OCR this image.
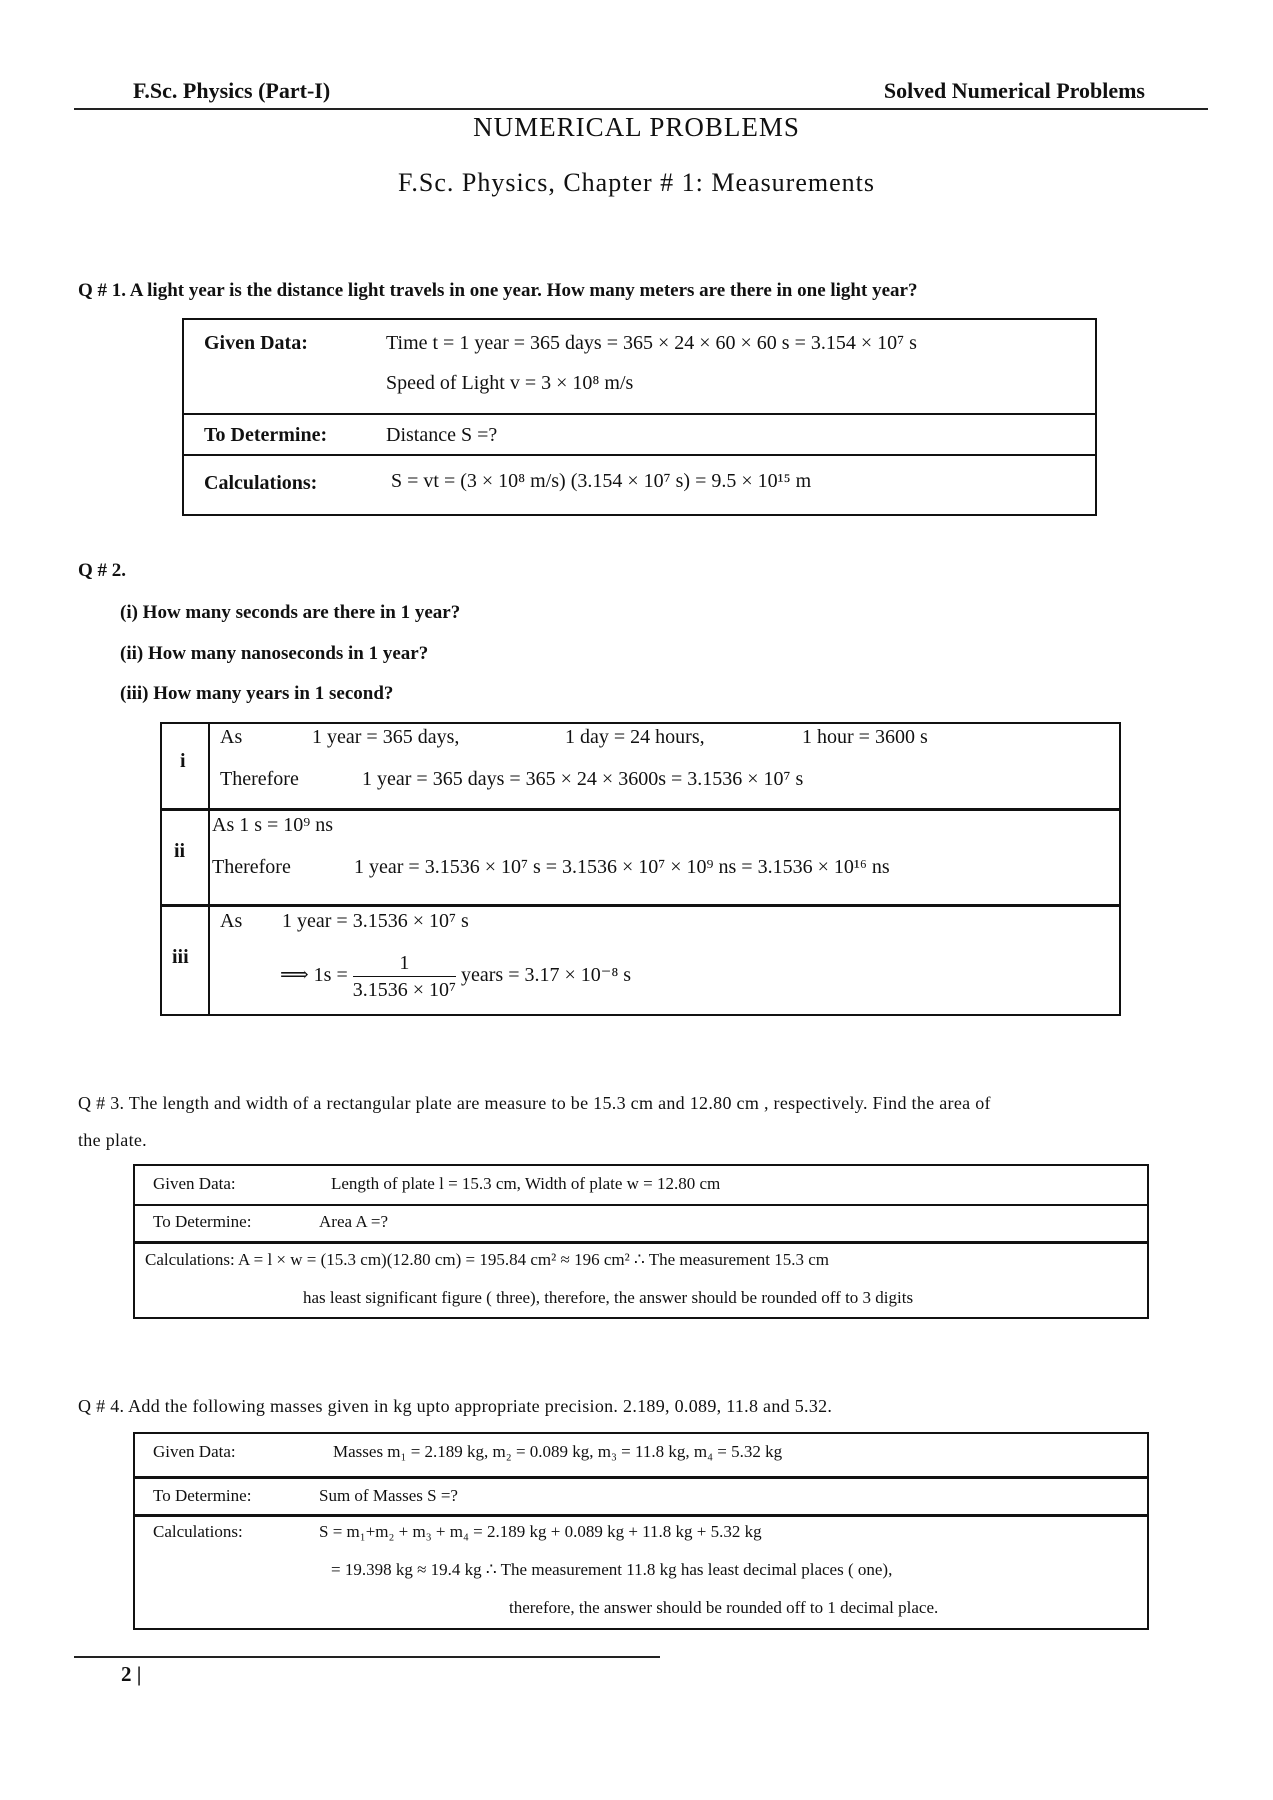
F.Sc. Physics (Part-I)	Solved Numerical Problems
NUMERICAL PROBLEMS
F.Sc. Physics, Chapter # 1: Measurements
Q # 1. A light year is the distance light travels in one year. How many meters are there in one light year?
Given Data:	Time t = 1 year = 365 days = 365 × 24 × 60 × 60 s = 3.154 × 10⁷ s
Speed of Light v = 3 × 10⁸ m/s
To Determine:	Distance S =?
Calculations:	S = vt = (3 × 10⁸ m/s) (3.154 × 10⁷ s) = 9.5 × 10¹⁵ m
Q # 2.
(i) How many seconds are there in 1 year?
(ii) How many nanoseconds in 1 year?
(iii) How many years in 1 second?
i
As	1 year = 365 days,	1 day = 24 hours,	1 hour = 3600 s
Therefore	1 year = 365 days = 365 × 24 × 3600s = 3.1536 × 10⁷ s
ii
As 1 s = 10⁹ ns
Therefore	1 year = 3.1536 × 10⁷ s = 3.1536 × 10⁷ × 10⁹ ns = 3.1536 × 10¹⁶ ns
iii
As 1 year = 3.1536 × 10⁷ s
⟹ $1s = \frac{1}{\text{3.1536 × 10⁷}}$ years = 3.17 × 10⁻⁸ s
Q # 3. The length and width of a rectangular plate are measure to be 15.3 cm and 12.80 cm , respectively. Find the area of
the plate.
Given Data:	Length of plate l = 15.3 cm, Width of plate w = 12.80 cm
To Determine:	Area A =?
Calculations: A = l × w = (15.3 cm)(12.80 cm) = 195.84 cm² ≈ 196 cm² ∴ The measurement 15.3 cm
has least significant figure ( three), therefore, the answer should be rounded off to 3 digits
Q # 4. Add the following masses given in kg upto appropriate precision. 2.189, 0.089, 11.8 and 5.32.
Given Data:	Masses m₁ = 2.189 kg, m₂ = 0.089 kg, m₃ = 11.8 kg, m₄ = 5.32 kg
To Determine:	Sum of Masses S =?
Calculations:	S = m₁+m₂ + m₃ + m₄ = 2.189 kg + 0.089 kg + 11.8 kg + 5.32 kg
= 19.398 kg ≈ 19.4 kg ∴ The measurement 11.8 kg has least decimal places ( one),
therefore, the answer should be rounded off to 1 decimal place.
2 |
